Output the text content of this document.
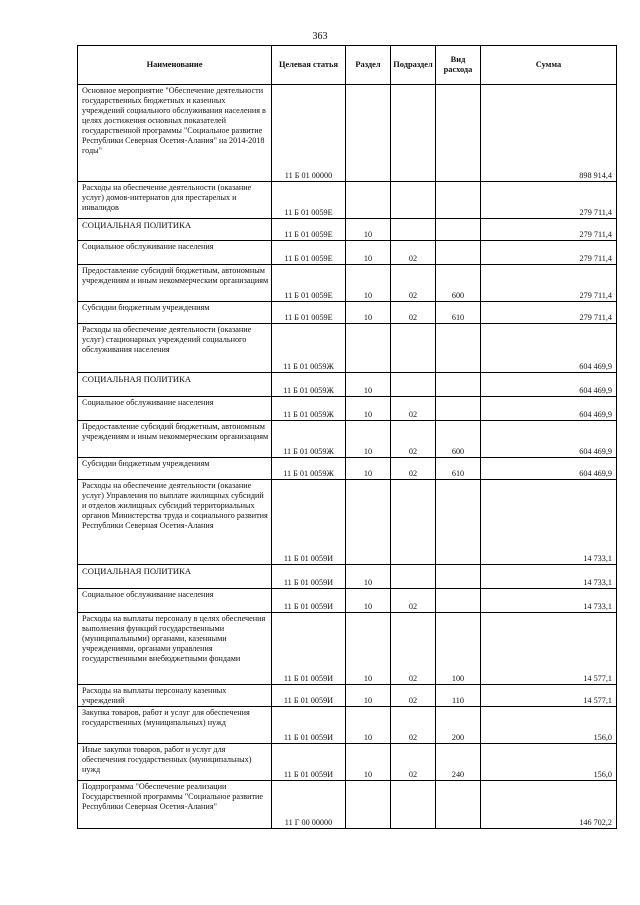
363
Наименование	Целевая статья	Раздел	Подраздел	Вид расхода	Сумма
Основное мероприятие "Обеспечение деятельности государственных бюджетных и казенных учреждений социального обслуживания населения в целях достижения основных показателей государственной программы "Социальное развитие Республики Северная Осетия-Алания" на 2014-2018 годы"	11 Б 01 00000				898 914,4
Расходы на обеспечение деятельности (оказание услуг) домов-интернатов для престарелых и инвалидов	11 Б 01 0059Е				279 711,4
СОЦИАЛЬНАЯ ПОЛИТИКА	11 Б 01 0059Е	10			279 711,4
Социальное обслуживание населения	11 Б 01 0059Е	10	02		279 711,4
Предоставление субсидий бюджетным, автономным учреждениям и иным некоммерческим организациям	11 Б 01 0059Е	10	02	600	279 711,4
Субсидии бюджетным учреждениям	11 Б 01 0059Е	10	02	610	279 711,4
Расходы на обеспечение деятельности (оказание услуг) стационарных учреждений социального обслуживания населения	11 Б 01 0059Ж				604 469,9
СОЦИАЛЬНАЯ ПОЛИТИКА	11 Б 01 0059Ж	10			604 469,9
Социальное обслуживание населения	11 Б 01 0059Ж	10	02		604 469,9
Предоставление субсидий бюджетным, автономным учреждениям и иным некоммерческим организациям	11 Б 01 0059Ж	10	02	600	604 469,9
Субсидии бюджетным учреждениям	11 Б 01 0059Ж	10	02	610	604 469,9
Расходы на обеспечение деятельности (оказание услуг) Управления по выплате жилищных субсидий и отделов жилищных субсидий территориальных органов Министерства труда и социального развития Республики Северная Осетия-Алания	11 Б 01 0059И				14 733,1
СОЦИАЛЬНАЯ ПОЛИТИКА	11 Б 01 0059И	10			14 733,1
Социальное обслуживание населения	11 Б 01 0059И	10	02		14 733,1
Расходы на выплаты персоналу в целях обеспечения выполнения функций государственными (муниципальными) органами, казенными учреждениями, органами управления государственными внебюджетными фондами	11 Б 01 0059И	10	02	100	14 577,1
Расходы на выплаты персоналу казенных учреждений	11 Б 01 0059И	10	02	110	14 577,1
Закупка товаров, работ и услуг для обеспечения государственных (муниципальных) нужд	11 Б 01 0059И	10	02	200	156,0
Иные закупки товаров, работ и услуг для обеспечения государственных (муниципальных) нужд	11 Б 01 0059И	10	02	240	156,0
Подпрограмма "Обеспечение реализации Государственной программы "Социальное развитие Республики Северная Осетия-Алания"	11 Г 00 00000				146 702,2
